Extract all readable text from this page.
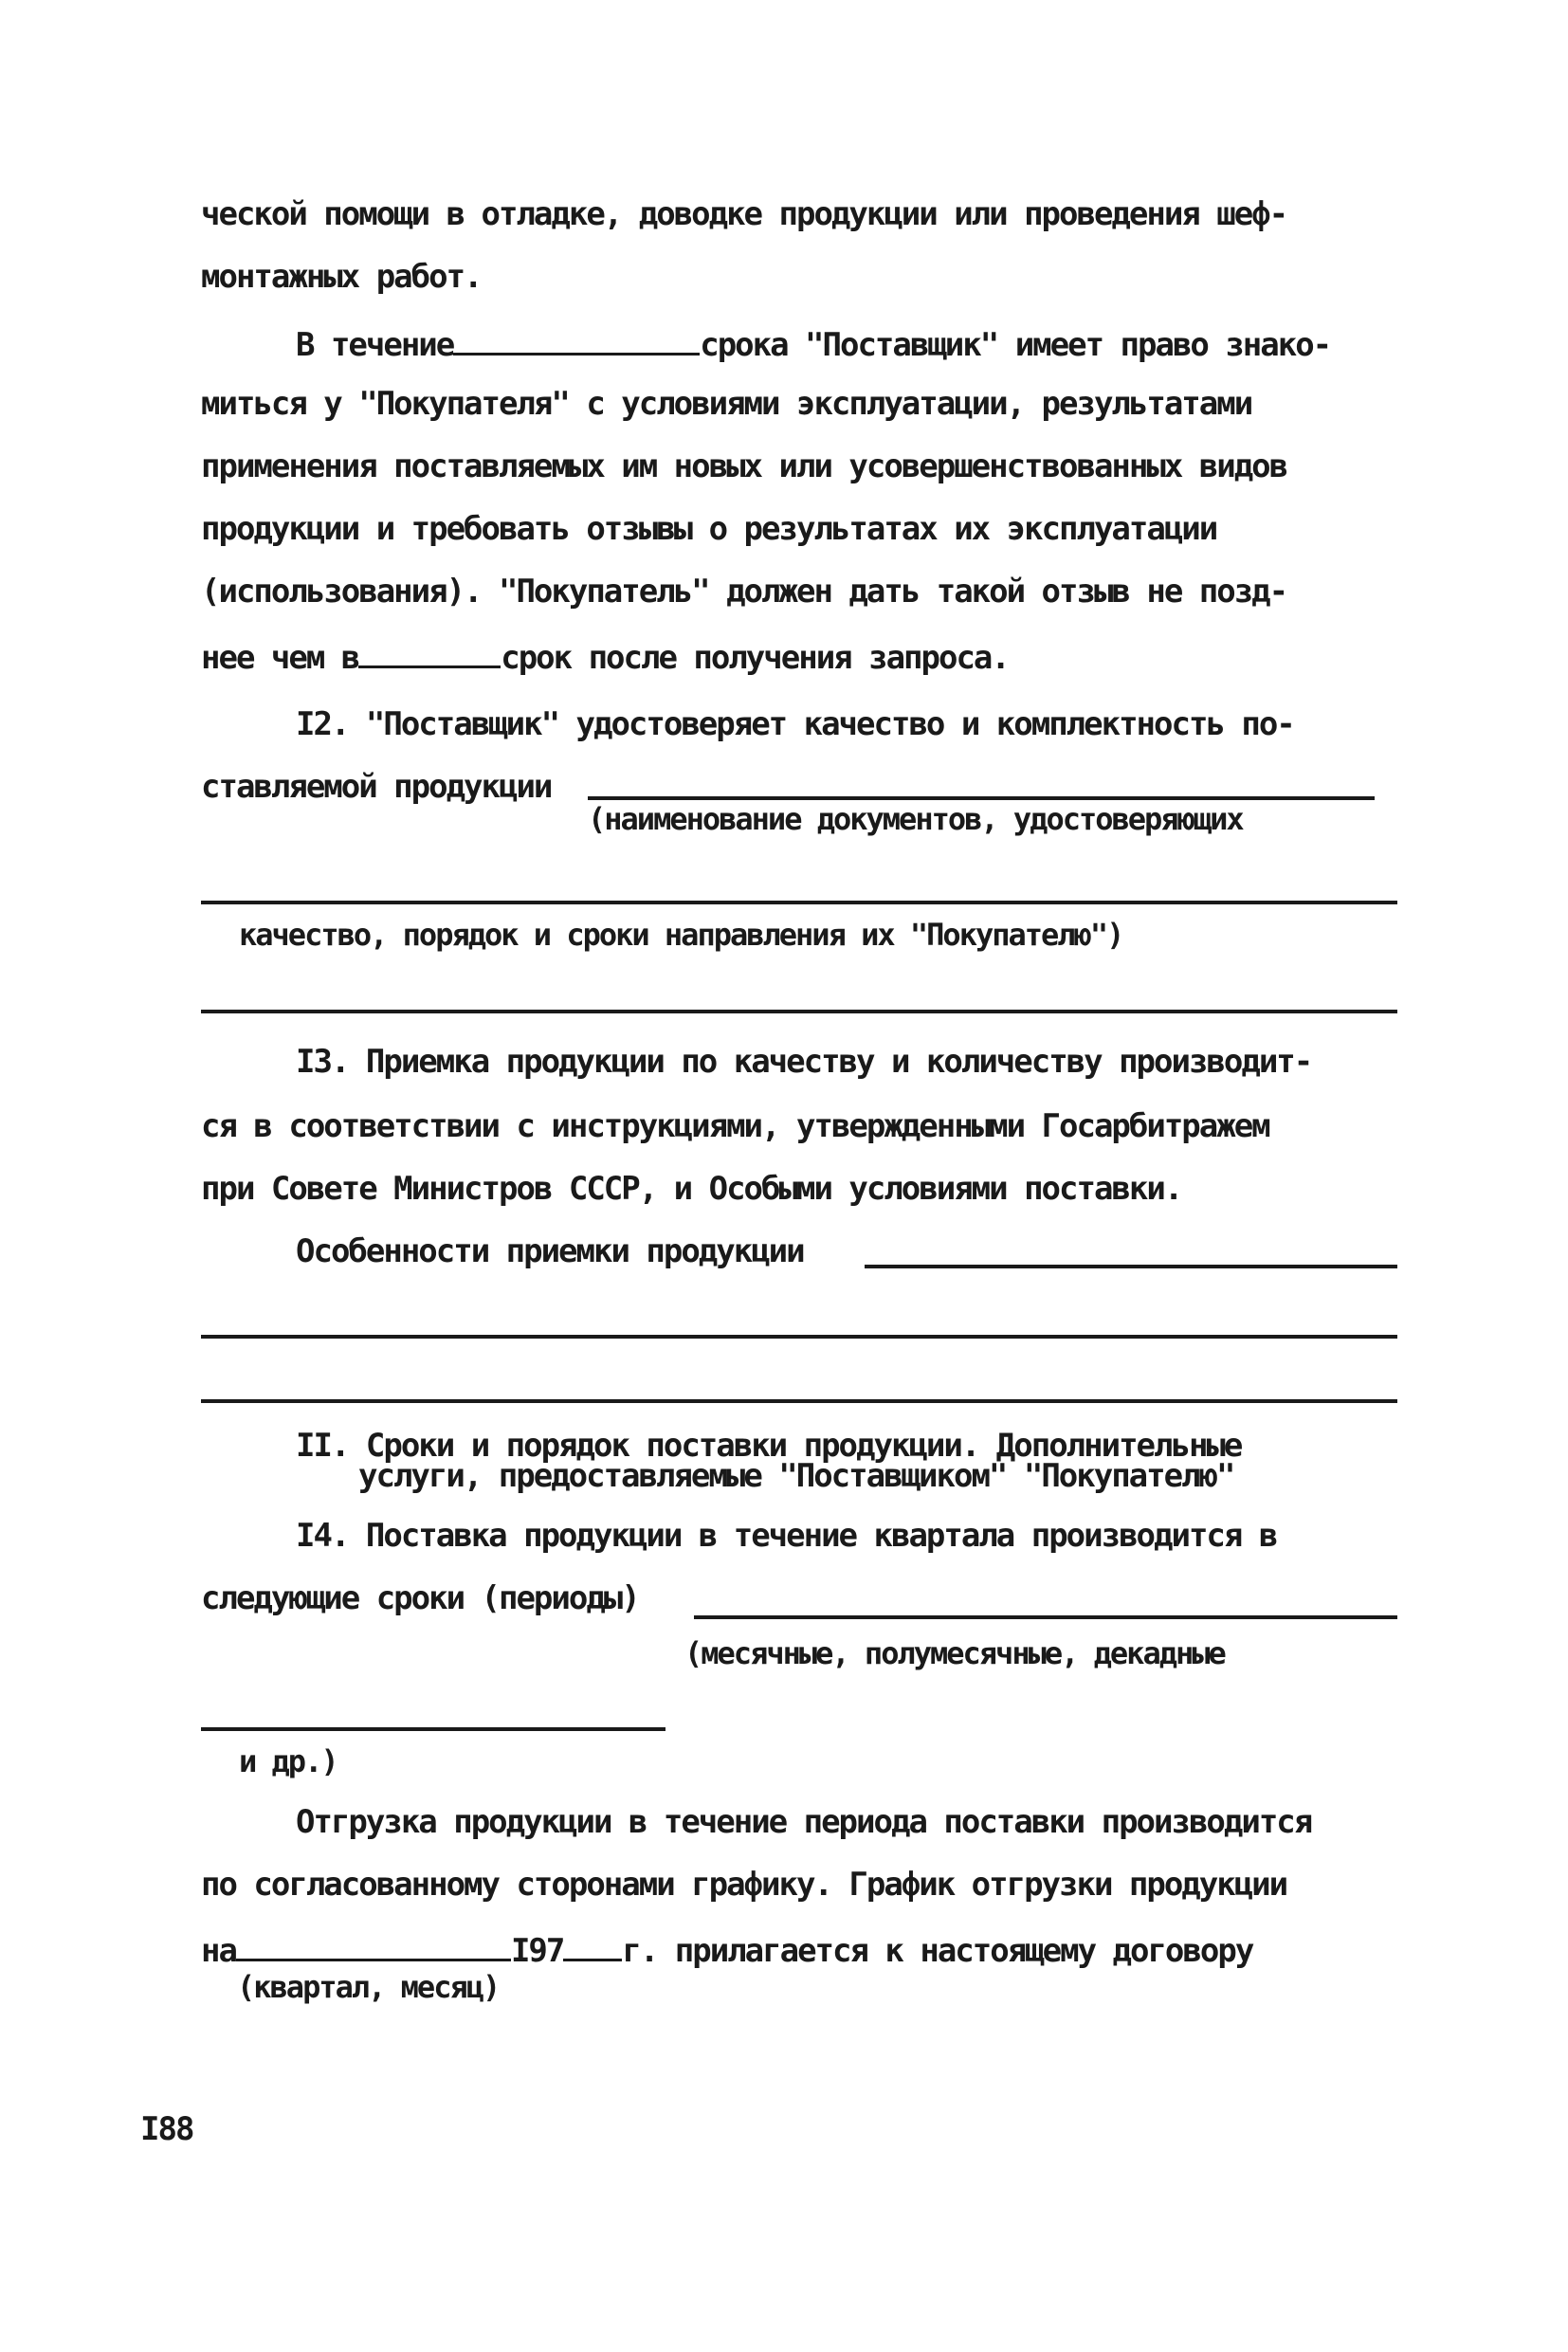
ческой помощи в отладке, доводке продукции или проведения шеф-
монтажных работ.
В течение	срока "Поставщик" имеет право знако-
миться у "Покупателя" с условиями эксплуатации, результатами
применения поставляемых им новых или усовершенствованных видов
продукции и требовать отзывы о результатах их эксплуатации
(использования). "Покупатель" должен дать такой отзыв не позд-
нее чем в	срок после получения запроса.
I2. "Поставщик" удостоверяет качество и комплектность по-
ставляемой продукции
(наименование документов, удостоверяющих
качество, порядок и сроки направления их "Покупателю")
I3. Приемка продукции по качеству и количеству производит-
ся в соответствии с инструкциями, утвержденными Госарбитражем
при Совете Министров СССР, и Особыми условиями поставки.
Особенности приемки продукции
II. Сроки и порядок поставки продукции. Дополнительные
услуги, предоставляемые "Поставщиком" "Покупателю"
I4. Поставка продукции в течение квартала производится в
следующие сроки (периоды)
(месячные, полумесячные, декадные
и др.)
Отгрузка продукции в течение периода поставки производится
по согласованному сторонами графику. График отгрузки продукции
на	I97 г. прилагается к настоящему договору
(квартал, месяц)
I88
